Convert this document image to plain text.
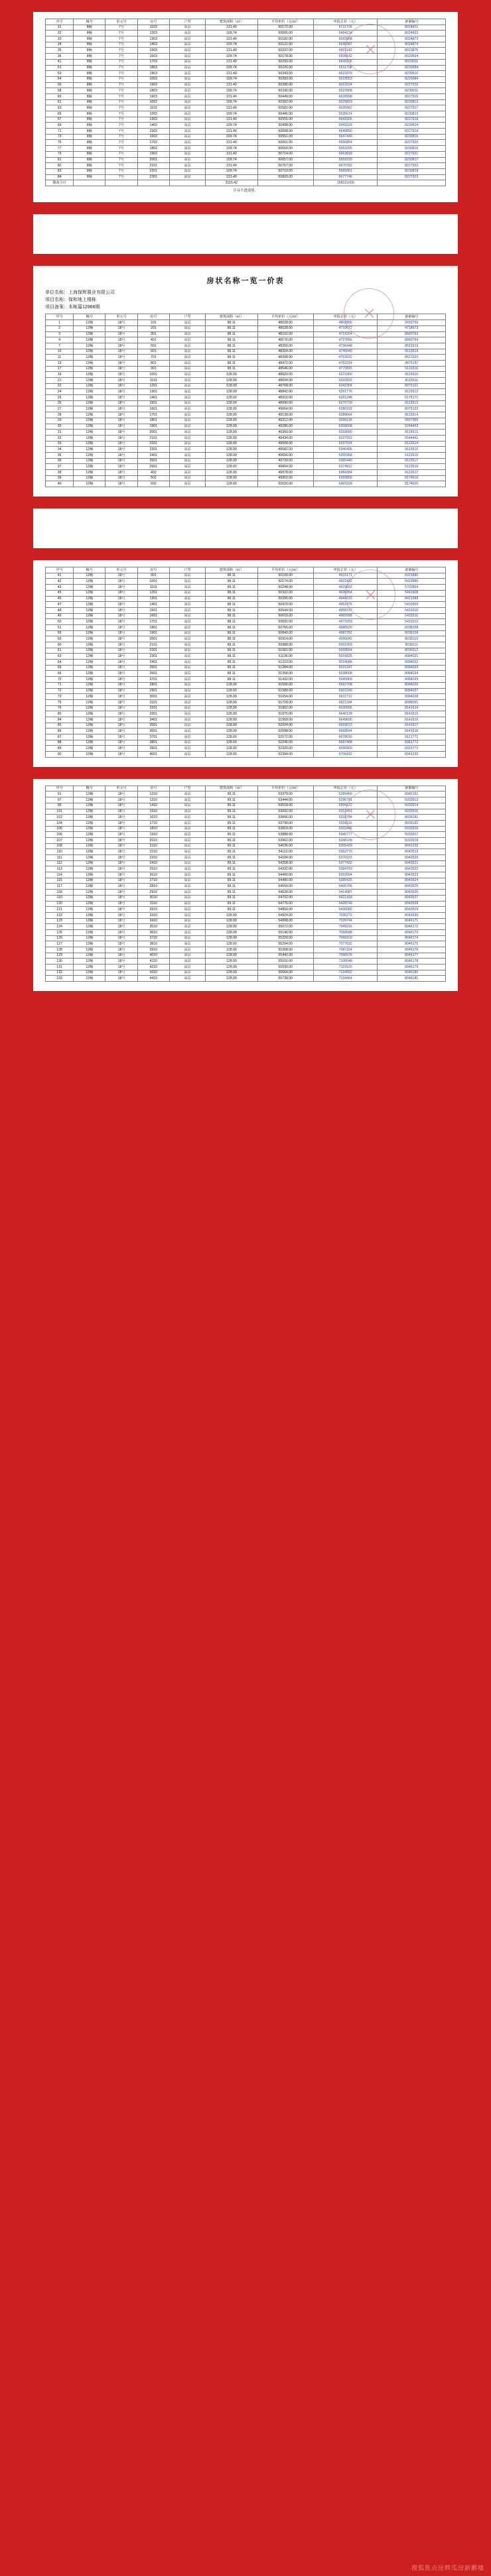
序号	幢号	单元号	房号	户型	建筑面积（㎡）	平均单价（元/㎡）	申报总价（元）	备案编号
31	8幢	7号	1103	高层	131.40	50172.00	6711726	8024601
32	8幢	7号	1203	高层	109.74	50065.00	5494134	8024602
33	8幢	7号	1303	高层	131.40	50182.00	6593908	8024873
34	8幢	7号	1403	高层	109.74	50122.00	5530387	8024874
35	8幢	7号	1503	高层	131.40	50237.00	6601142	8023875
36	8幢	7号	1603	高层	109.74	50178.00	5506532	8020564
41	8幢	7号	1703	高层	131.40	50290.00	6608106	8023911
51	8幢	7号	1803	高层	109.74	50226.00	5511798	8230684
53	8幢	7号	1903	高层	131.40	50343.00	6615070	8230610
54	8幢	7号	1003	高层	109.74	50283.00	5518053	8225684
56	8幢	7号	1903	高层	131.40	50396.00	6622034	8227915
58	8幢	7号	1803	高层	109.74	50336.00	5523908	8230611
60	8幢	7号	1903	高层	131.40	50449.00	6628998	8227916
61	8幢	7号	1002	高层	109.74	50392.00	5529819	8230812
63	8幢	7号	1102	高层	131.40	50502.00	6635962	8227917
65	8幢	7号	1202	高层	109.74	50445.00	5535674	8230813
67	8幢	7号	1302	高层	131.40	50555.00	6642926	8227918
69	8幢	7号	1402	高层	109.74	50498.00	5541529	8230814
71	8幢	7号	1502	高层	131.40	50608.00	6649890	8227919
73	8幢	7号	1602	高层	109.74	50551.00	5547440	8230815
75	8幢	7号	1702	高层	131.40	50661.00	6656854	8227920
77	8幢	7号	1802	高层	109.74	50604.00	5553295	8230816
79	8幢	7号	1902	高层	131.40	50714.00	6663818	8227921
81	8幢	7号	2001	高层	109.74	50657.00	5559150	8230817
82	8幢	7号	2101	高层	131.40	50767.00	6670782	8227922
83	8幢	7号	2201	高层	109.74	50710.00	5565061	8230818
84	8幢	7号	2301	高层	131.40	50820.00	6677746	8227923
楼备合计					3115.42		158221000	
开具不进说明：
房状名称一览一价表
单位名称：上海保辉置业有限公司
项目名称：保和地上楼栋
项目备案：本栋篇12966期
序号	幢号	单元号	房号	户型	建筑面积（㎡）	平均单价（元/㎡）	申报总价（元）	备案编号
1	12幢	18号	101	高层	98.11	48028.00	4802800	2650755
2	12幢	18号	201	高层	98.11	48028.00	4710672	4718673
3	12幢	18号	301	高层	98.11	48102.00	4719264	8660753
4	12幢	18号	401	高层	98.11	48176.00	4727856	8660754
7	12幢	18号	501	高层	98.11	48250.00	4736448	8521519
10	12幢	18号	601	高层	98.11	48324.00	4745040	5519519
11	12幢	18号	701	高层	98.11	48398.00	4753632	8521520
13	12幢	18号	801	高层	98.11	48472.00	4762224	4875137
17	12幢	18号	901	高层	98.11	48546.00	4770816	5131510
19	12幢	18号	1001	高层	128.00	48620.00	6223360	8115510
21	12幢	18号	1101	高层	128.00	48694.00	6232832	8115511
22	12幢	18号	1201	高层	128.00	48768.00	6242304	8075121
24	12幢	18号	1301	高层	128.00	48842.00	6251776	8115512
25	12幢	18号	1401	高层	128.00	48916.00	6261248	6175171
26	12幢	18号	1501	高层	128.00	48990.00	6270720	8115513
27	12幢	18号	1601	高层	128.00	49064.00	6280192	8075122
28	12幢	18号	1701	高层	128.00	49138.00	6289664	8115514
29	12幢	18号	1801	高层	128.00	49212.00	6299136	5507965
30	12幢	18号	1901	高层	128.00	49286.00	6308608	5244403
31	12幢	18号	2001	高层	128.00	49360.00	6318080	8115515
32	12幢	18号	2101	高层	128.00	49434.00	6327552	5544461
33	12幢	18号	2201	高层	128.00	49508.00	6337024	8122614
34	12幢	18号	2301	高层	128.00	49582.00	6346496	8115516
35	12幢	18号	2401	高层	128.00	49656.00	6355968	5122615
36	12幢	18号	2501	高层	128.00	49730.00	6365440	8115517
37	12幢	18号	2601	高层	128.00	49804.00	6374912	5122616
38	12幢	18号	402	高层	128.00	49878.00	6384384	8122617
39	12幢	18号	502	高层	128.00	49952.00	6393856	8174619
40	12幢	18号	602	高层	128.00	50026.00	6403328	8174620
序号	幢号	单元号	房号	户型	建筑面积（㎡）	平均单价（元/㎡）	申报总价（元）	备案编号
41	12幢	18号	901	高层	98.11	50100.00	4915171	5021880
42	12幢	18号	1001	高层	98.11	50174.00	4922432	5023885
43	12幢	18号	1101	高层	98.11	50248.00	4929693	5702804
45	12幢	18号	1201	高层	98.11	50322.00	4936954	5441608
46	12幢	18号	1301	高层	98.11	50396.00	4944215	8421588
47	12幢	18号	1401	高层	98.11	50470.00	4951476	5431509
48	12幢	18号	1501	高层	98.11	50544.00	4958737	5431510
49	12幢	18号	1601	高层	98.11	50618.00	4965998	5431511
50	12幢	18号	1701	高层	98.11	50692.00	4973259	5431512
51	12幢	18号	1801	高层	98.11	50766.00	4980520	6038108
55	12幢	18号	1901	高层	98.11	50840.00	4987781	8038109
56	12幢	18号	2001	高层	98.11	50914.00	4995042	8038110
60	12幢	18号	2101	高层	98.11	50988.00	5002303	8038111
61	12幢	18号	2201	高层	98.11	51062.00	5009564	8038112
63	12幢	18号	2301	高层	98.11	51136.00	5016825	8084021
64	12幢	18号	2401	高层	98.11	51210.00	5024086	8084022
65	12幢	18号	2501	高层	98.11	51284.00	5031347	8084023
66	12幢	18号	2601	高层	98.11	51358.00	5038608	8084024
70	12幢	18号	2701	高层	98.11	51432.00	5045869	8084025
71	12幢	18号	2801	高层	128.00	51506.00	6592768	8084026
72	12幢	18号	2901	高层	128.00	51580.00	6602240	8084027
73	12幢	18号	3001	高层	128.00	51654.00	6611712	8084028
75	12幢	18号	3101	高层	128.00	51728.00	6621184	8088091
76	12幢	18号	3201	高层	128.00	51802.00	6630656	8141614
80	12幢	18号	3301	高层	128.00	51876.00	6640128	8141615
84	12幢	18号	3401	高层	128.00	51950.00	6649600	8141616
85	12幢	18号	3501	高层	128.00	52024.00	6659072	8141617
86	12幢	18号	3601	高层	128.00	52098.00	6668544	8141618
87	12幢	18号	3701	高层	128.00	52172.00	6678016	8121771
88	12幢	18号	3801	高层	128.00	52246.00	6687488	8381772
89	12幢	18号	3901	高层	128.00	52320.00	6696960	8331773
90	12幢	18号	4001	高层	128.00	52394.00	6706432	5041232
序号	幢号	单元号	房号	户型	建筑面积（㎡）	平均单价（元/㎡）	申报总价（元）	备案编号
91	12幢	18号	1210	高层	99.11	53370.00	5289460	8046151
97	12幢	18号	1310	高层	99.11	53444.00	5296791	5033913
99	12幢	18号	1410	高层	99.11	53518.00	5304122	5033914
101	12幢	18号	1510	高层	99.11	53592.00	5311453	5033915
102	12幢	18号	1610	高层	99.11	53666.00	5318784	8039181
104	12幢	18号	1710	高层	99.11	53740.00	5326115	8039182
105	12幢	18号	1810	高层	99.11	53814.00	5333446	5033916
106	12幢	18号	1910	高层	99.11	53888.00	5340777	5033917
107	12幢	18号	2010	高层	99.11	53962.00	5348108	5033918
108	12幢	18号	2110	高层	99.11	54036.00	5355439	8041232
110	12幢	18号	2210	高层	99.11	54110.00	5362770	8043519
111	12幢	18号	2310	高层	99.11	54184.00	5370101	8043520
112	12幢	18号	2410	高层	99.11	54258.00	5377432	8043521
113	12幢	18号	2510	高层	99.11	54332.00	5384763	8043522
114	12幢	18号	2610	高层	99.11	54406.00	5392094	8043523
115	12幢	18号	2710	高层	99.11	54480.00	5399425	8043524
117	12幢	18号	2810	高层	99.11	54554.00	5406756	8043525
118	12幢	18号	2910	高层	99.11	54628.00	5414087	8043526
119	12幢	18号	3010	高层	99.11	54702.00	5421418	8043527
120	12幢	18号	3110	高层	99.11	54776.00	5428749	8043528
121	12幢	18号	3210	高层	99.11	54850.00	5436080	8043529
122	12幢	18号	3310	高层	128.00	54924.00	7030272	8043530
123	12幢	18号	3410	高层	128.00	54998.00	7039744	8046171
124	12幢	18号	3510	高层	128.00	55072.00	7049216	8046172
125	12幢	18号	3610	高层	128.00	55146.00	7058688	8046173
126	12幢	18号	3710	高层	128.00	55220.00	7068160	8046174
127	12幢	18号	3810	高层	128.00	55294.00	7077632	8046175
128	12幢	18号	3910	高层	128.00	55368.00	7087104	8046176
129	12幢	18号	4010	高层	128.00	55442.00	7096576	8046177
130	12幢	18号	4110	高层	128.00	55516.00	7106048	8046178
131	12幢	18号	4210	高层	128.00	55590.00	7115520	8046179
132	12幢	18号	4310	高层	128.00	55664.00	7124992	8046180
133	12幢	18号	4410	高层	128.00	55738.00	7134464	8046181
搜狐焦点房辉瓜房新鹏楼
